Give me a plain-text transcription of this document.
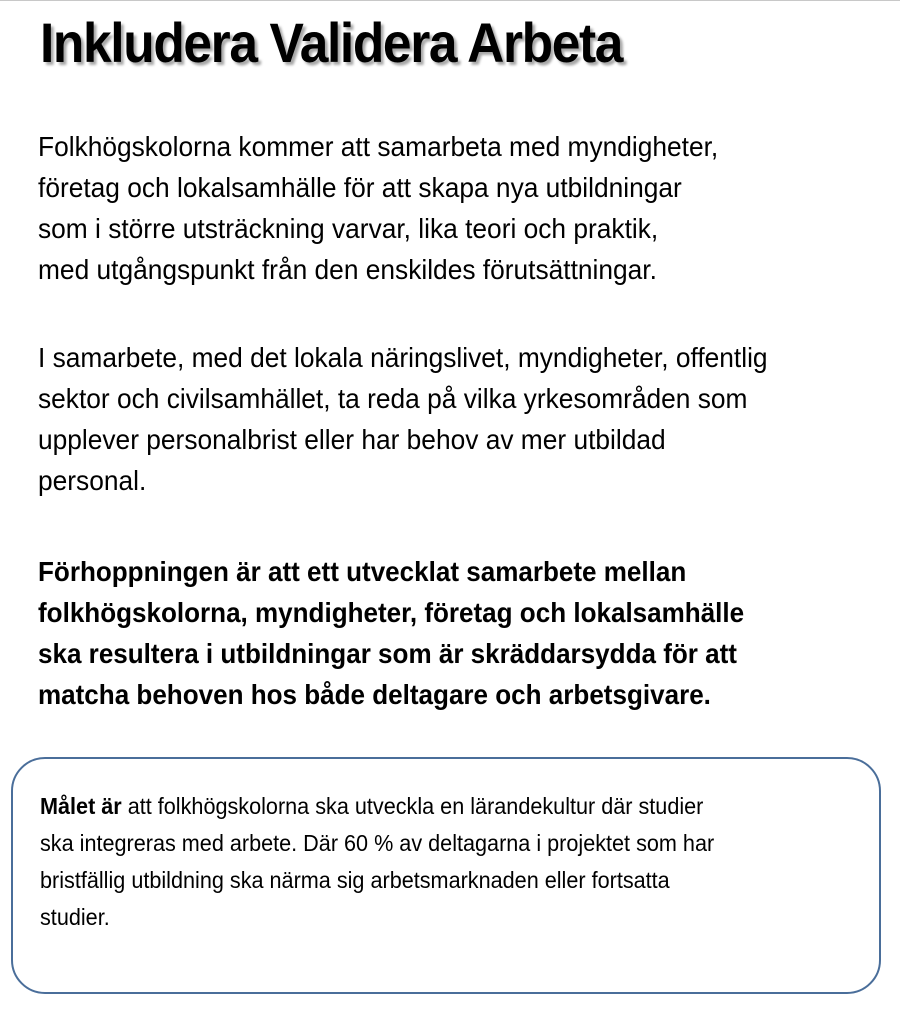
Inkludera Validera Arbeta

Folkhögskolorna kommer att samarbeta med myndigheter,
företag och lokalsamhälle för att skapa nya utbildningar
som i större utsträckning varvar, lika teori och praktik,
med utgångspunkt från den enskildes förutsättningar.

I samarbete, med det lokala näringslivet, myndigheter, offentlig
sektor och civilsamhället, ta reda på vilka yrkesområden som
upplever personalbrist eller har behov av mer utbildad
personal.

Förhoppningen är att ett utvecklat samarbete mellan
folkhögskolorna, myndigheter, företag och lokalsamhälle
ska resultera i utbildningar som är skräddarsydda för att
matcha behoven hos både deltagare och arbetsgivare.

Målet är att folkhögskolorna ska utveckla en lärandekultur där studier
ska integreras med arbete. Där 60 % av deltagarna i projektet som har
bristfällig utbildning ska närma sig arbetsmarknaden eller fortsatta
studier.
